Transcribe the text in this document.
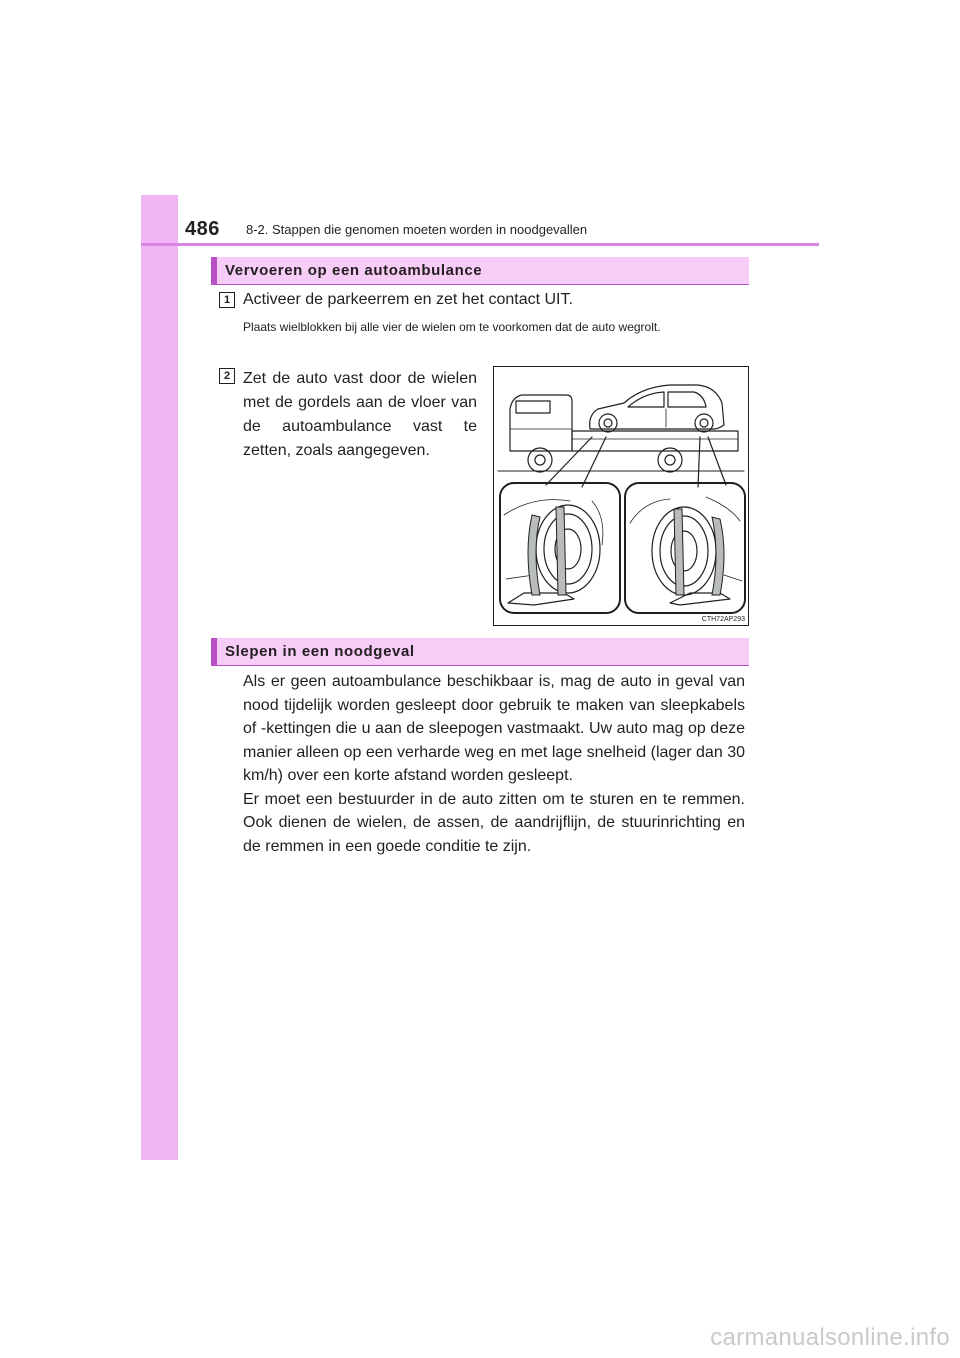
486 8-2. Stappen die genomen moeten worden in noodgevallen
Vervoeren op een autoambulance
1 Activeer de parkeerrem en zet het contact UIT.
Plaats wielblokken bij alle vier de wielen om te voorkomen dat de auto wegrolt.
2 Zet de auto vast door de wielen met de gordels aan de vloer van de autoambulance vast te zetten, zoals aangegeven.
CTH72AP293
Slepen in een noodgeval

Als er geen autoambulance beschikbaar is, mag de auto in geval van nood tijdelijk worden gesleept door gebruik te maken van sleepkabels of -kettingen die u aan de sleepogen vastmaakt. Uw auto mag op deze manier alleen op een verharde weg en met lage snelheid (lager dan 30 km/h) over een korte afstand worden gesleept.

Er moet een bestuurder in de auto zitten om te sturen en te remmen. Ook dienen de wielen, de assen, de aandrijflijn, de stuurinrichting en de remmen in een goede conditie te zijn.

carmanualsonline.info
